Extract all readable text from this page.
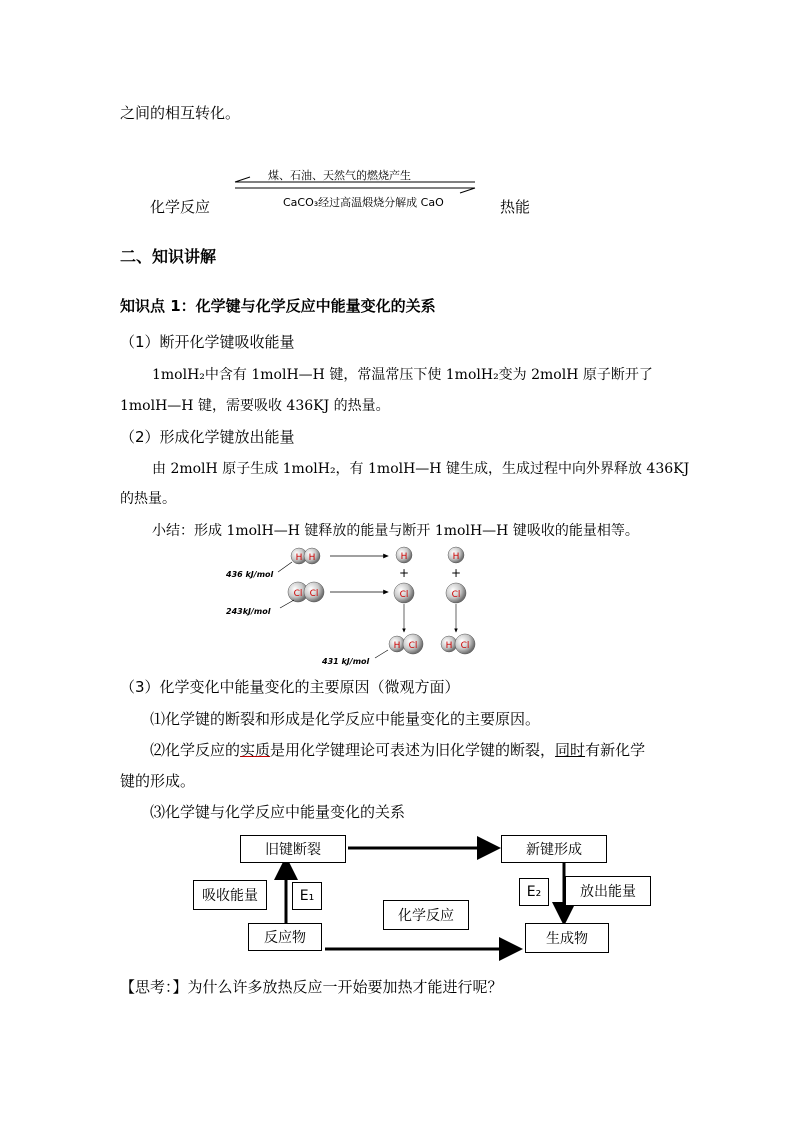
之间的相互转化。
化学反应	热能
煤、石油、天然气的燃烧产生
CaCO₃经过高温煅烧分解成 CaO
二、知识讲解
知识点 1：化学键与化学反应中能量变化的关系
（1）断开化学键吸收能量
1molH₂中含有 1molH—H 键，常温常压下使 1molH₂变为 2molH 原子断开了
1molH—H 键，需要吸收 436KJ 的热量。
（2）形成化学键放出能量
由 2molH 原子生成 1molH₂，有 1molH—H 键生成，生成过程中向外界释放 436KJ
的热量。
小结：形成 1molH—H 键释放的能量与断开 1molH—H 键吸收的能量相等。
H H	H	H
+	+
436 kJ/mol
Cl Cl	Cl	Cl
243kJ/mol
H Cl	H Cl
431 kJ/mol
（3）化学变化中能量变化的主要原因（微观方面）
⑴化学键的断裂和形成是化学反应中能量变化的主要原因。
⑵化学反应的实质是用化学键理论可表述为旧化学键的断裂，同时有新化学
键的形成。
⑶化学键与化学反应中能量变化的关系
旧键断裂	新键形成
吸收能量	E₁	E₂	放出能量
化学反应
反应物	生成物
【思考：】为什么许多放热反应一开始要加热才能进行呢？
